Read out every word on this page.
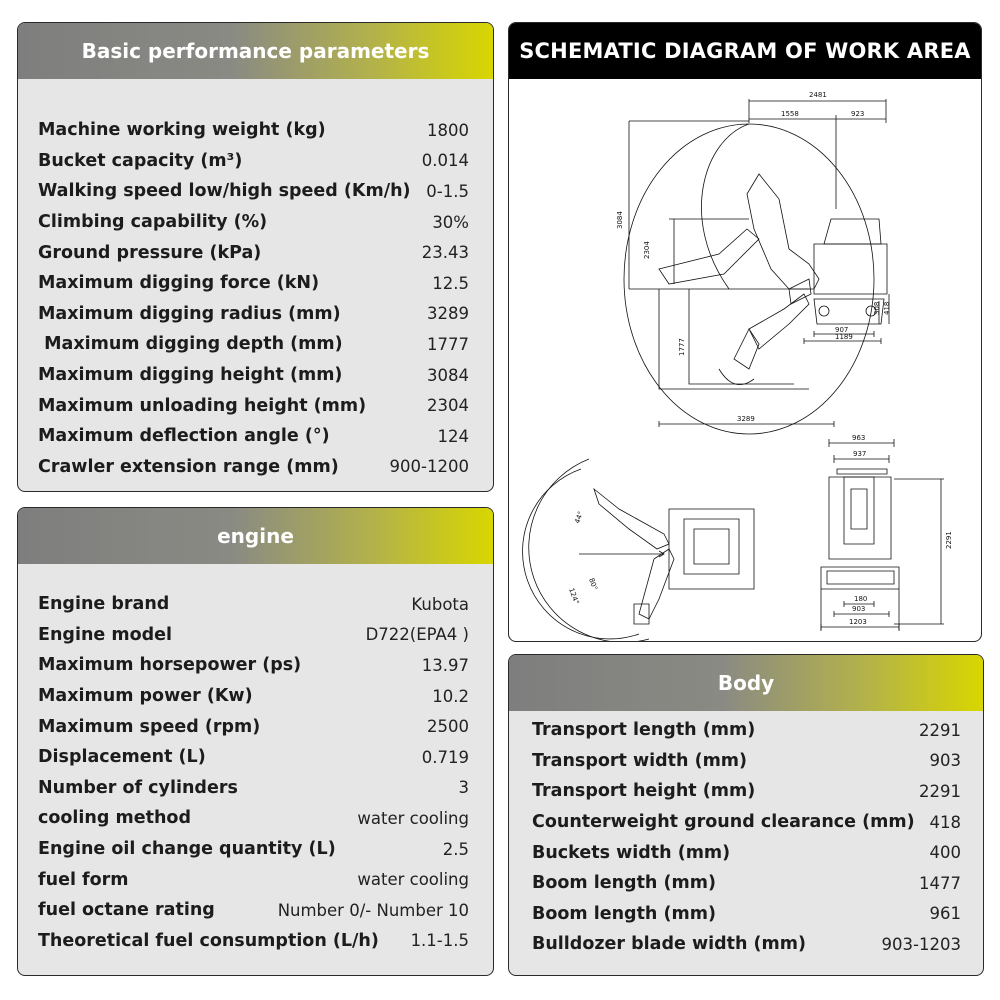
Basic performance parameters
Machine working weight (kg)	1800
Bucket capacity (m³)	0.014
Walking speed low/high speed (Km/h) 0-1.5
Climbing capability (%)	30%
Ground pressure (kPa)	23.43
Maximum digging force (kN)	12.5
Maximum digging radius (mm)	3289
Maximum digging depth (mm)	1777
Maximum digging height (mm)	3084
Maximum unloading height (mm)	2304
Maximum deflection angle (°)	124
Crawler extension range (mm)	900-1200
engine
Engine brand	Kubota
Engine model	D722(EPA4 )
Maximum horsepower (ps)	13.97
Maximum power (Kw)	10.2
Maximum speed (rpm)	2500
Displacement (L)	0.719
Number of cylinders	3
cooling method	water cooling
Engine oil change quantity (L)	2.5
fuel form	water cooling
fuel octane rating	Number 0/- Number 10
Theoretical fuel consumption (L/h) 1.1-1.5
SCHEMATIC DIAGRAM OF WORK AREA
2481
1558	923
3084
2304
1777
907
1189
308 418
3289
44°
124°
80°
963
937
2291
180
903
1203
Body
Transport length (mm)	2291
Transport width (mm)	903
Transport height (mm)	2291
Counterweight ground clearance (mm) 418
Buckets width (mm)	400
Boom length (mm)	1477
Boom length (mm)	961
Bulldozer blade width (mm)	903-1203
